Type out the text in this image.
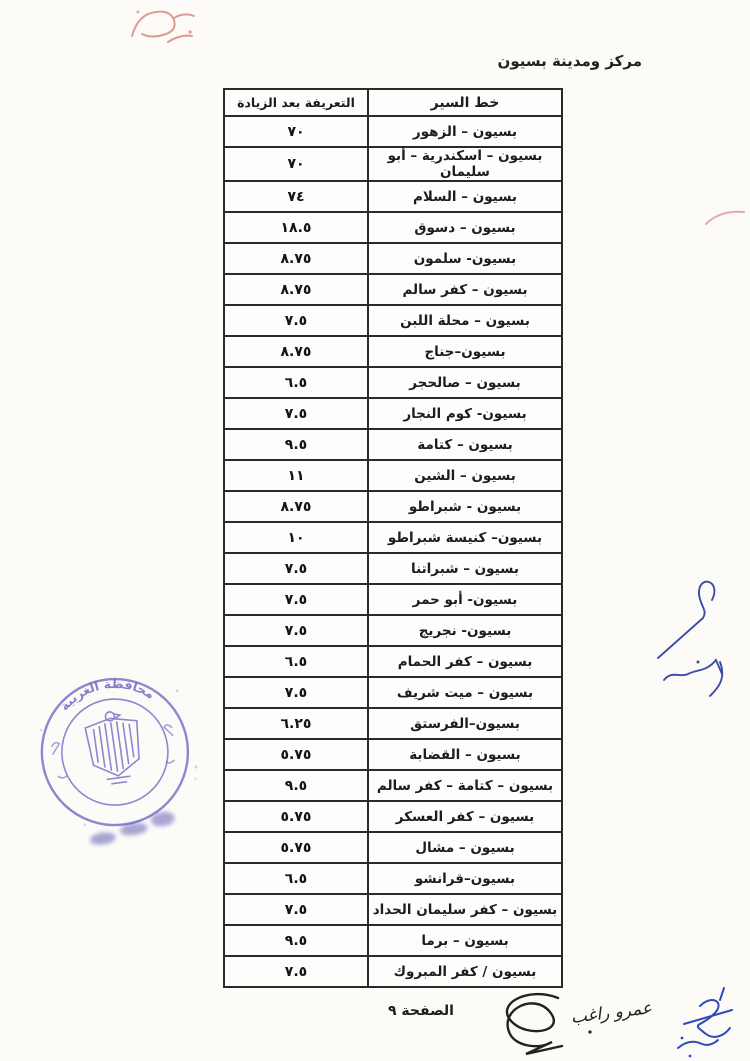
مركز ومدينة بسيون
خط السير	التعريفة بعد الزيادة
بسيون – الزهور	٧٠
بسيون – اسكندرية – أبو سليمان	٧٠
بسيون – السلام	٧٤
بسيون – دسوق	١٨.٥
بسيون- سلمون	٨.٧٥
بسيون – كفر سالم	٨.٧٥
بسيون – محلة اللبن	٧.٥
بسيون–جناج	٨.٧٥
بسيون – صالحجر	٦.٥
بسيون- كوم النجار	٧.٥
بسيون – كتامة	٩.٥
بسيون – الشين	١١
بسيون - شبراطو	٨.٧٥
بسيون– كنيسة شبراطو	١٠
بسيون – شبراتنا	٧.٥
بسيون- أبو حمر	٧.٥
بسيون- نجريج	٧.٥
بسيون – كفر الحمام	٦.٥
بسيون – ميت شريف	٧.٥
بسيون–الفرستق	٦.٢٥
بسيون – القضابة	٥.٧٥
بسيون – كتامة – كفر سالم	٩.٥
بسيون – كفر العسكر	٥.٧٥
بسيون – مشال	٥.٧٥
بسيون–قرانشو	٦.٥
بسيون – كفر سليمان الحداد	٧.٥
بسيون – برما	٩.٥
بسيون / كفر المبروك	٧.٥
محافظة الغربية
عمرو راغب
الصفحة ٩
